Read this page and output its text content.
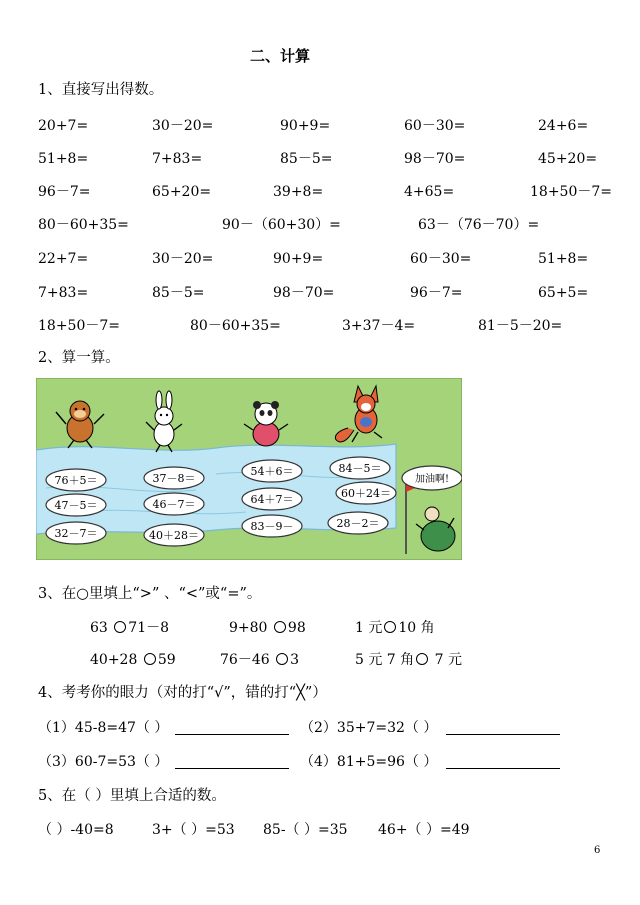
二、计算
1、直接写出得数。
20+7=	30－20=	90+9=	60－30=	24+6=
51+8=	7+83=	85－5=	98－70=	45+20=
96－7=	65+20=	39+8=	4+65=	18+50－7=
80－60+35=	90－（60+30）=	63－（76－70）=
22+7=	30－20=	90+9=	60－30=	51+8=
7+83=	85－5=	98－70=	96－7=	65+5=
18+50－7=	80－60+35=	3+37－4=	81－5－20=
2、算一算。
76＋5＝	37－8＝
54＋6＝	84－5＝
47－5＝	46－7＝	64＋7＝	60＋24＝
32－7＝	40＋28＝
83－9－	28－2＝
加油啊!
3、在○里填上“>” 、“<”或“=”。
63 71－8	9+80 98	1 元 10 角
40+28 59	76－46 3	5 元 7 角 7 元
4、考考你的眼力（对的打“√”，错的打“╳”）
（1）45-8=47（ ）	（2）35+7=32（ ）
（3）60-7=53（ ）	（4）81+5=96（ ）
5、在（ ）里填上合适的数。
（ ）-40=8	3+（ ）=53 85-（ ）=35 46+（ ）=49
6
